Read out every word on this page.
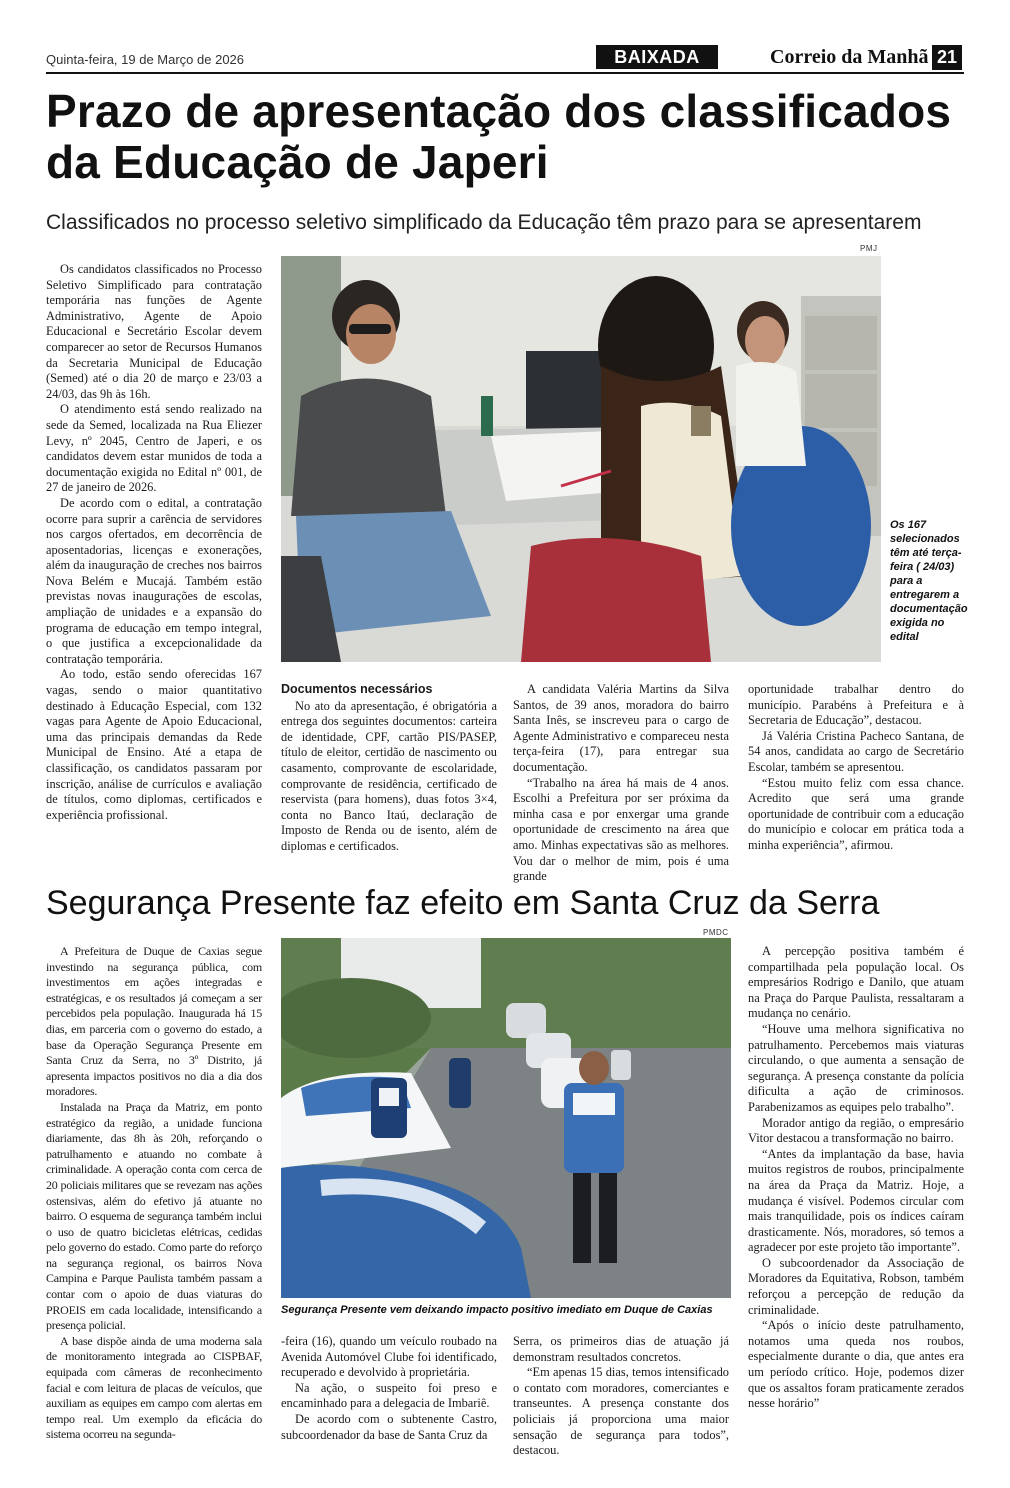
Quinta-feira, 19 de Março de 2026	BAIXADA	Correio da Manhã 21
Prazo de apresentação dos classificados da Educação de Japeri
Classificados no processo seletivo simplificado da Educação têm prazo para se apresentarem
PMJ
Os 167 selecionados têm até terça-feira ( 24/03) para a entregarem a documentação exigida no edital

Os candidatos classificados no Processo Seletivo Simplificado para contratação temporária nas funções de Agente Administrativo, Agente de Apoio Educacional e Secretário Escolar devem comparecer ao setor de Recursos Humanos da Secretaria Municipal de Educação (Semed) até o dia 20 de março e 23/03 a 24/03, das 9h às 16h.

O atendimento está sendo realizado na sede da Semed, localizada na Rua Eliezer Levy, nº 2045, Centro de Japeri, e os candidatos devem estar munidos de toda a documentação exigida no Edital nº 001, de 27 de janeiro de 2026.

De acordo com o edital, a contratação ocorre para suprir a carência de servidores nos cargos ofertados, em decorrência de aposentadorias, licenças e exonerações, além da inauguração de creches nos bairros Nova Belém e Mucajá. Também estão previstas novas inaugurações de escolas, ampliação de unidades e a expansão do programa de educação em tempo integral, o que justifica a excepcionalidade da contratação temporária.

Ao todo, estão sendo oferecidas 167 vagas, sendo o maior quantitativo destinado à Educação Especial, com 132 vagas para Agente de Apoio Educacional, uma das principais demandas da Rede Municipal de Ensino. Até a etapa de classificação, os candidatos passaram por inscrição, análise de currículos e avaliação de títulos, como diplomas, certificados e experiência profissional.

Documentos necessários

No ato da apresentação, é obrigatória a entrega dos seguintes documentos: carteira de identidade, CPF, cartão PIS/PASEP, título de eleitor, certidão de nascimento ou casamento, comprovante de escolaridade, comprovante de residência, certificado de reservista (para homens), duas fotos 3×4, conta no Banco Itaú, declaração de Imposto de Renda ou de isento, além de diplomas e certificados.

A candidata Valéria Martins da Silva Santos, de 39 anos, moradora do bairro Santa Inês, se inscreveu para o cargo de Agente Administrativo e compareceu nesta terça-feira (17), para entregar sua documentação.

“Trabalho na área há mais de 4 anos. Escolhi a Prefeitura por ser próxima da minha casa e por enxergar uma grande oportunidade de crescimento na área que amo. Minhas expectativas são as melhores. Vou dar o melhor de mim, pois é uma grande

oportunidade trabalhar dentro do município. Parabéns à Prefeitura e à Secretaria de Educação”, destacou.

Já Valéria Cristina Pacheco Santana, de 54 anos, candidata ao cargo de Secretário Escolar, também se apresentou.

“Estou muito feliz com essa chance. Acredito que será uma grande oportunidade de contribuir com a educação do município e colocar em prática toda a minha experiência”, afirmou.

Segurança Presente faz efeito em Santa Cruz da Serra
PMDC
Segurança Presente vem deixando impacto positivo imediato em Duque de Caxias

A Prefeitura de Duque de Caxias segue investindo na segurança pública, com investimentos em ações integradas e estratégicas, e os resultados já começam a ser percebidos pela população. Inaugurada há 15 dias, em parceria com o governo do estado, a base da Operação Segurança Presente em Santa Cruz da Serra, no 3º Distrito, já apresenta impactos positivos no dia a dia dos moradores.

Instalada na Praça da Matriz, em ponto estratégico da região, a unidade funciona diariamente, das 8h às 20h, reforçando o patrulhamento e atuando no combate à criminalidade. A operação conta com cerca de 20 policiais militares que se revezam nas ações ostensivas, além do efetivo já atuante no bairro. O esquema de segurança também inclui o uso de quatro bicicletas elétricas, cedidas pelo governo do estado. Como parte do reforço na segurança regional, os bairros Nova Campina e Parque Paulista também passam a contar com o apoio de duas viaturas do PROEIS em cada localidade, intensificando a presença policial.

A base dispõe ainda de uma moderna sala de monitoramento integrada ao CISPBAF, equipada com câmeras de reconhecimento facial e com leitura de placas de veículos, que auxiliam as equipes em campo com alertas em tempo real. Um exemplo da eficácia do sistema ocorreu na segunda-

-feira (16), quando um veículo roubado na Avenida Automóvel Clube foi identificado, recuperado e devolvido à proprietária.

Na ação, o suspeito foi preso e encaminhado para a delegacia de Imbariê.

De acordo com o subtenente Castro, subcoordenador da base de Santa Cruz da

Serra, os primeiros dias de atuação já demonstram resultados concretos.

“Em apenas 15 dias, temos intensificado o contato com moradores, comerciantes e transeuntes. A presença constante dos policiais já proporciona uma maior sensação de segurança para todos”, destacou.

A percepção positiva também é compartilhada pela população local. Os empresários Rodrigo e Danilo, que atuam na Praça do Parque Paulista, ressaltaram a mudança no cenário.

“Houve uma melhora significativa no patrulhamento. Percebemos mais viaturas circulando, o que aumenta a sensação de segurança. A presença constante da polícia dificulta a ação de criminosos. Parabenizamos as equipes pelo trabalho”.

Morador antigo da região, o empresário Vitor destacou a transformação no bairro.

“Antes da implantação da base, havia muitos registros de roubos, principalmente na área da Praça da Matriz. Hoje, a mudança é visível. Podemos circular com mais tranquilidade, pois os índices caíram drasticamente. Nós, moradores, só temos a agradecer por este projeto tão importante”.

O subcoordenador da Associação de Moradores da Equitativa, Robson, também reforçou a percepção de redução da criminalidade.

“Após o início deste patrulhamento, notamos uma queda nos roubos, especialmente durante o dia, que antes era um período crítico. Hoje, podemos dizer que os assaltos foram praticamente zerados nesse horário”
